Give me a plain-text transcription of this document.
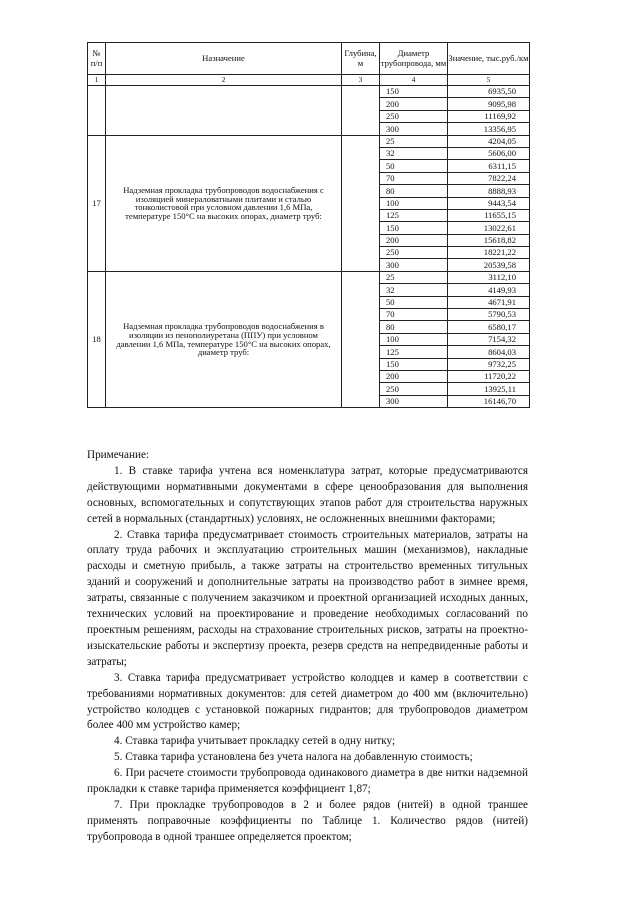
№ п/п	Назначение	Глубина, м	Диаметр трубопровода, мм	Значение, тыс.руб./км
1	2	3	4	5
			150	6935,50
			200	9095,98
			250	11169,92
			300	13356,95
17	Надземная прокладка трубопроводов водоснабжения с изоляцией минераловатными плитами и сталью тонколистовой при условном давлении 1,6 МПа, температуре 150°C на высоких опорах, диаметр труб:		25	4204,05
			32	5606,00
			50	6311,15
			70	7822,24
			80	8888,93
			100	9443,54
			125	11655,15
			150	13022,61
			200	15618,82
			250	18221,22
			300	20539,58
18	Надземная прокладка трубопроводов водоснабжения в изоляции из пенополиуретана (ППУ) при условном давлении 1,6 МПа, температуре 150°C на высоких опорах, диаметр труб:		25	3112,10
			32	4149,93
			50	4671,91
			70	5790,53
			80	6580,17
			100	7154,32
			125	8604,03
			150	9732,25
			200	11720,22
			250	13925,11
			300	16146,70

Примечание:

1. В ставке тарифа учтена вся номенклатура затрат, которые предусматриваются действующими нормативными документами в сфере ценообразования для выполнения основных, вспомогательных и сопутствующих этапов работ для строительства наружных сетей в нормальных (стандартных) условиях, не осложненных внешними факторами;

2. Ставка тарифа предусматривает стоимость строительных материалов, затраты на оплату труда рабочих и эксплуатацию строительных машин (механизмов), накладные расходы и сметную прибыль, а также затраты на строительство временных титульных зданий и сооружений и дополнительные затраты на производство работ в зимнее время, затраты, связанные с получением заказчиком и проектной организацией исходных данных, технических условий на проектирование и проведение необходимых согласований по проектным решениям, расходы на страхование строительных рисков, затраты на проектно-изыскательские работы и экспертизу проекта, резерв средств на непредвиденные работы и затраты;

3. Ставка тарифа предусматривает устройство колодцев и камер в соответствии с требованиями нормативных документов: для сетей диаметром до 400 мм (включительно) устройство колодцев с установкой пожарных гидрантов; для трубопроводов диаметром более 400 мм устройство камер;

4. Ставка тарифа учитывает прокладку сетей в одну нитку;

5. Ставка тарифа установлена без учета налога на добавленную стоимость;

6. При расчете стоимости трубопровода одинакового диаметра в две нитки надземной прокладки к ставке тарифа применяется коэффициент 1,87;

7. При прокладке трубопроводов в 2 и более рядов (нитей) в одной траншее применять поправочные коэффициенты по Таблице 1. Количество рядов (нитей) трубопровода в одной траншее определяется проектом;
